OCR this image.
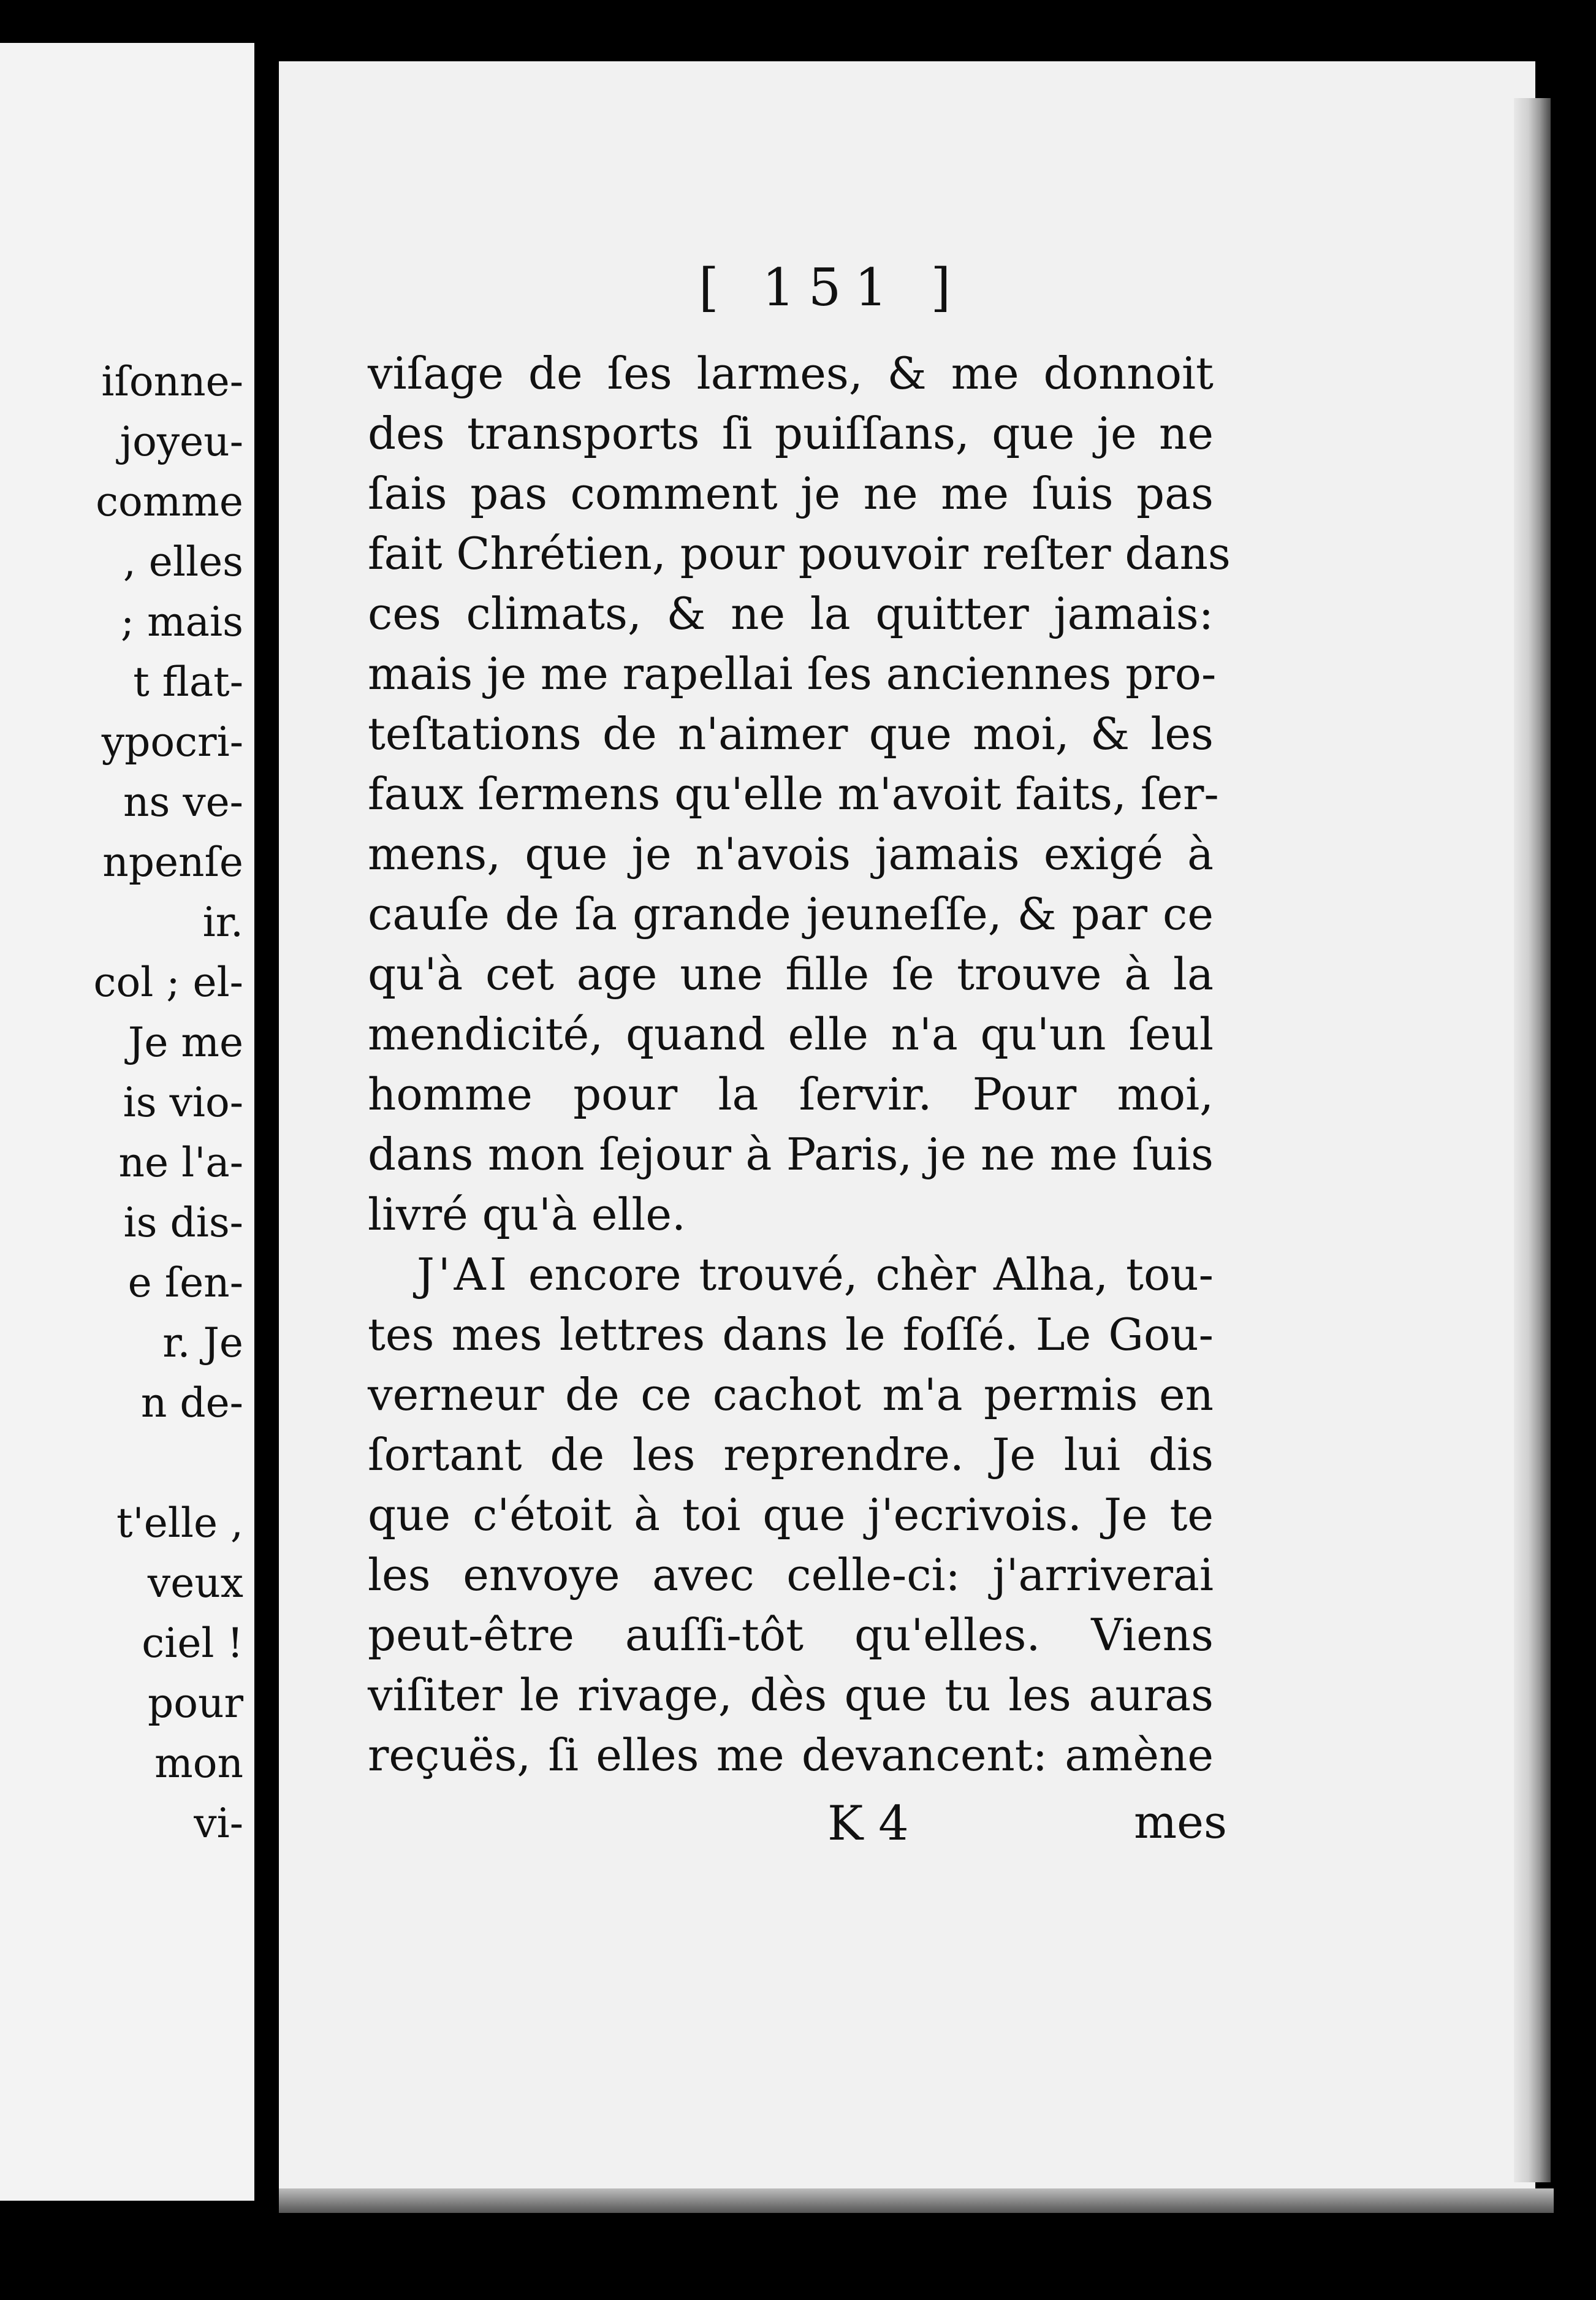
iſonne-
joyeu-
comme
, elles
; mais
t flat-
ypocri-
ns ve-
npenſe
ir.
col ; el-
Je me
is vio-
ne l'a-
is dis-
e ſen-
r. Je
n de-
t'elle ,
veux
ciel !
pour
mon
vi-
[ 151 ]
viſage de ſes larmes, & me donnoit
des transports ſi puiſſans, que je ne
ſais pas comment je ne me ſuis pas
fait Chrétien, pour pouvoir reſter dans
ces climats, & ne la quitter jamais:
mais je me rapellai ſes anciennes pro-
teſtations de n'aimer que moi, & les
faux ſermens qu'elle m'avoit faits, ſer-
mens, que je n'avois jamais exigé à
cauſe de ſa grande jeuneſſe, & par ce
qu'à cet age une fille ſe trouve à la
mendicité, quand elle n'a qu'un ſeul
homme pour la ſervir. Pour moi,
dans mon ſejour à Paris, je ne me ſuis
livré qu'à elle.
J'AI encore trouvé, chèr Alha, tou-
tes mes lettres dans le foſſé. Le Gou-
verneur de ce cachot m'a permis en
ſortant de les reprendre. Je lui dis
que c'étoit à toi que j'ecrivois. Je te
les envoye avec celle-ci: j'arriverai
peut-être auſſi-tôt qu'elles. Viens
viſiter le rivage, dès que tu les auras
reçuës, ſi elles me devancent: amène
K 4	mes
